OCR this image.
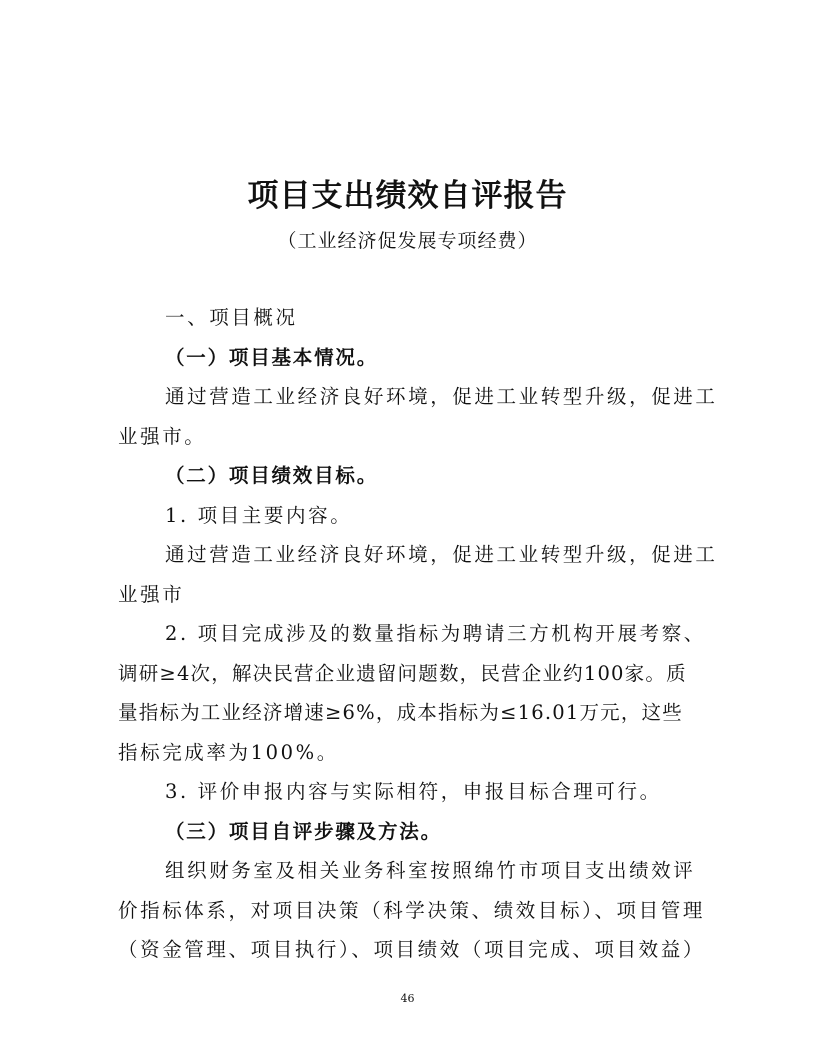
项目支出绩效自评报告
（工业经济促发展专项经费）
一、项目概况
（一）项目基本情况。
通过营造工业经济良好环境，促进工业转型升级，促进工
业强市。
（二）项目绩效目标。
1. 项目主要内容。
通过营造工业经济良好环境，促进工业转型升级，促进工
业强市
2. 项目完成涉及的数量指标为聘请三方机构开展考察、
调研≥4次，解决民营企业遗留问题数，民营企业约100家。质
量指标为工业经济增速≥6%，成本指标为≤16.01万元，这些
指标完成率为100%。
3. 评价申报内容与实际相符，申报目标合理可行。
（三）项目自评步骤及方法。
组织财务室及相关业务科室按照绵竹市项目支出绩效评
价指标体系，对项目决策（科学决策、绩效目标）、项目管理
（资金管理、项目执行）、项目绩效（项目完成、项目效益）
46
